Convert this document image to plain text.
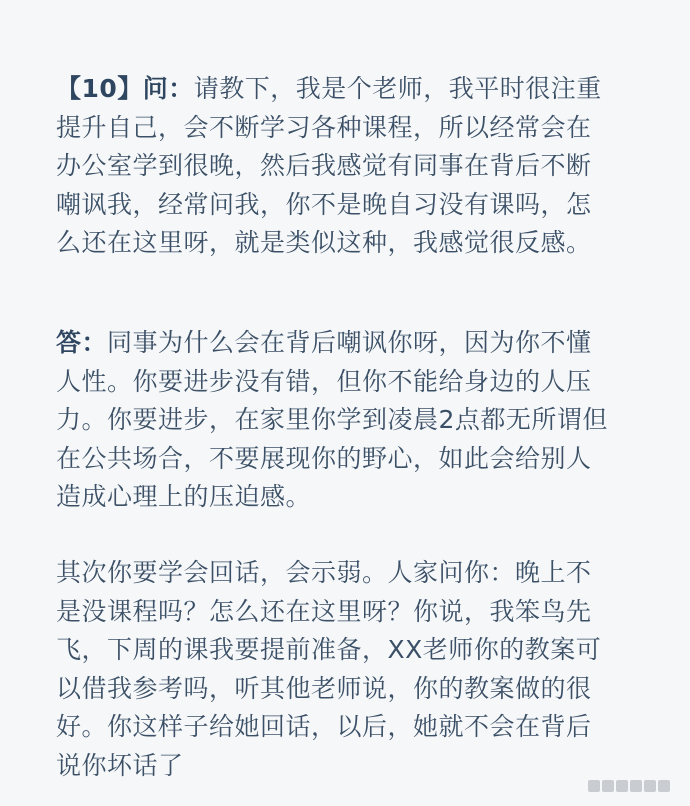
【10】问：请教下，我是个老师，我平时很注重
提升自己，会不断学习各种课程，所以经常会在
办公室学到很晚，然后我感觉有同事在背后不断
嘲讽我，经常问我，你不是晚自习没有课吗，怎
么还在这里呀，就是类似这种，我感觉很反感。
答：同事为什么会在背后嘲讽你呀，因为你不懂
人性。你要进步没有错，但你不能给身边的人压
力。你要进步，在家里你学到凌晨2点都无所谓但
在公共场合，不要展现你的野心，如此会给别人
造成心理上的压迫感。
其次你要学会回话，会示弱。人家问你：晚上不
是没课程吗？怎么还在这里呀？你说，我笨鸟先
飞，下周的课我要提前准备，XX老师你的教案可
以借我参考吗，听其他老师说，你的教案做的很
好。你这样子给她回话，以后，她就不会在背后
说你坏话了
